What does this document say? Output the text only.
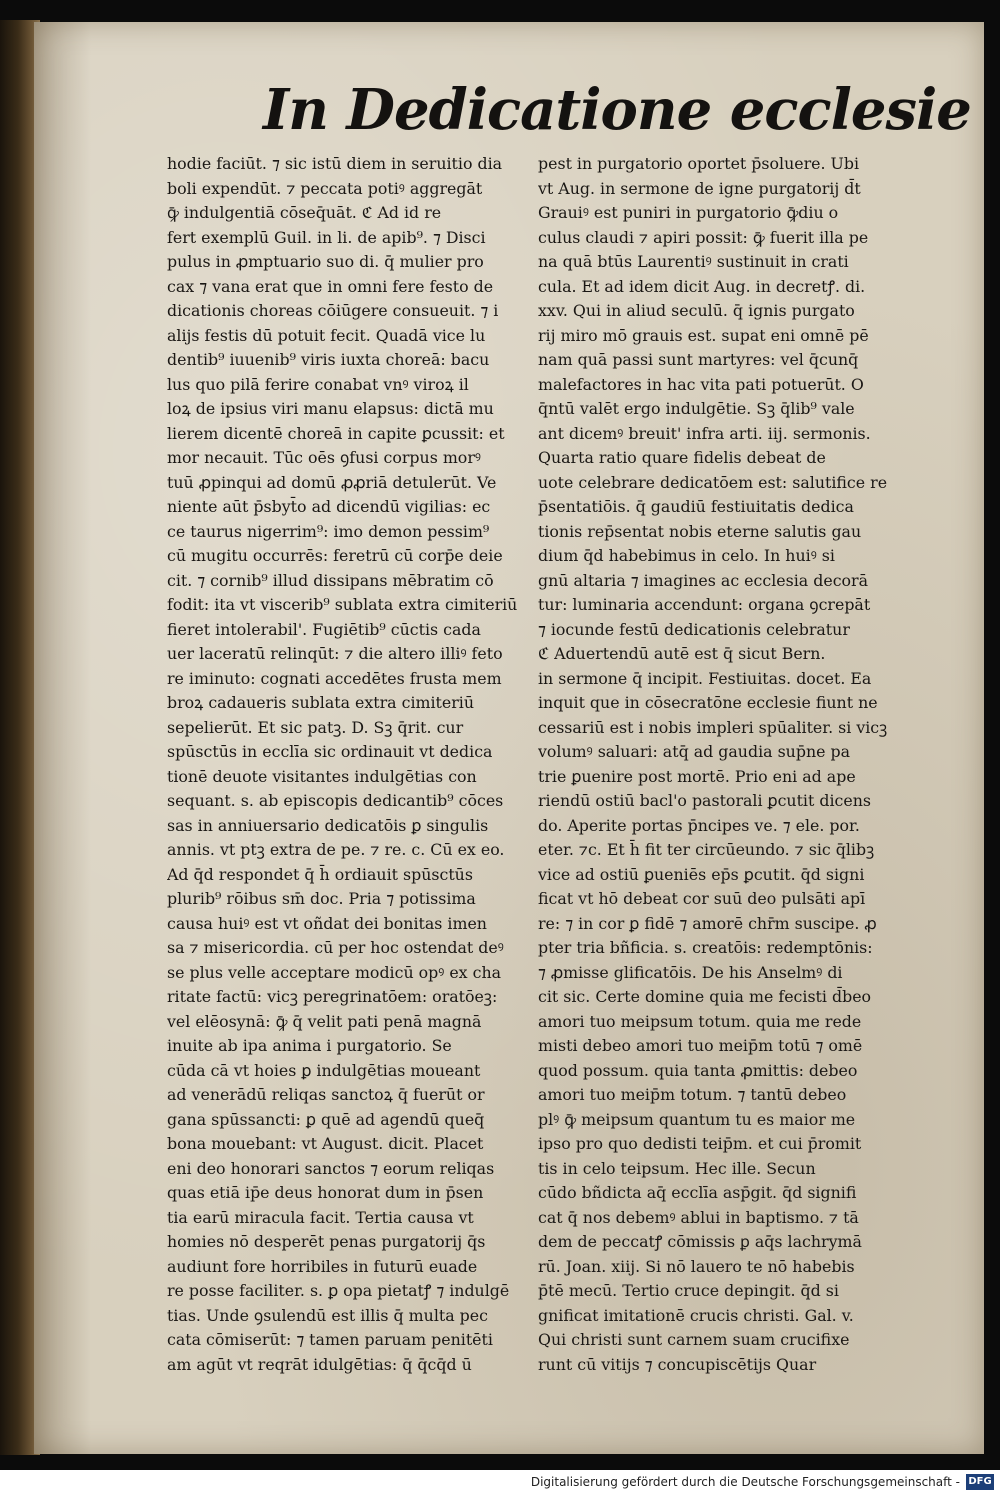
In Dedicatione ecclesie
hodie faciūt. ⁊ sic istū diem in seruitio dia
boli expendūt. ⁊ peccata potiꝰ aggregāt
ꝙ̄ indulgentiā cōseq̄uāt. ℭ Ad id re
fert exemplū Guil. in li. de apib⁹. ⁊ Disci
pulus in ꝓmptuario suo di. q̄ mulier pro
cax ⁊ vana erat que in omni fere festo de
dicationis choreas cōiūgere consueuit. ⁊ i
alijs festis dū potuit fecit. Quadā vice lu
dentib⁹ iuuenib⁹ viris iuxta choreā: bacu
lus quo pilā ferire conabat vnꝰ viroꝝ il
loꝝ de ipsius viri manu elapsus: dictā mu
lierem dicentē choreā in capite ꝑcussit: et
mor necauit. Tūc oēs ꝯfusi corpus morꝰ
tuū ꝓpinqui ad domū ꝓꝓriā detulerūt. Ve
niente aūt p̄sbyt̄o ad dicendū vigilias: ec
ce taurus nigerrim⁹: imo demon pessim⁹
cū mugitu occurrēs: feretrū cū corp̄e deie
cit. ⁊ cornib⁹ illud dissipans mēbratim cō
fodit: ita vt viscerib⁹ sublata extra cimiteriū
fieret intolerabil'. Fugiētib⁹ cūctis cada
uer laceratū relinqūt: ⁊ die altero illiꝰ feto
re iminuto: cognati accedētes frusta mem
broꝝ cadaueris sublata extra cimiteriū
sepelierūt. Et sic patꝫ. D. Sꝫ q̄rit. cur
spūsctūs in ecclīa sic ordinauit vt dedica
tionē deuote visitantes indulgētias con
sequant. s. ab episcopis dedicantib⁹ cōces
sas in anniuersario dedicatōis ꝑ singulis
annis. vt ptꝫ extra de pe. ⁊ re. c. Cū ex eo.
Ad q̄d respondet q̄ h̄ ordiauit spūsctūs
plurib⁹ rōibus sm̄ doc. Pria ⁊ potissima
causa huiꝰ est vt oñdat dei bonitas imen
sa ⁊ misericordia. cū per hoc ostendat deꝰ
se plus velle acceptare modicū opꝰ ex cha
ritate factū: vicꝫ peregrinatōem: oratōeꝫ:
vel elēosynā: ꝙ̄ q̄ velit pati penā magnā
inuite ab ipa anima i purgatorio. Se
cūda cā vt hoies ꝑ indulgētias moueant
ad venerādū reliqas sanctoꝝ q̄ fuerūt or
gana spūssancti: ꝑ quē ad agendū queq̄
bona mouebant: vt August. dicit. Placet
eni deo honorari sanctos ⁊ eorum reliqas
quas etiā ip̄e deus honorat dum in p̄sen
tia earū miracula facit. Tertia causa vt
homies nō desperēt penas purgatorij q̄s
audiunt fore horribiles in futurū euade
re posse faciliter. s. ꝑ opa pietatꝭ ⁊ indulgē
tias. Unde ꝯsulendū est illis q̄ multa pec
cata cōmiserūt: ⁊ tamen paruam penitēti
am agūt vt reqrāt idulgētias: q̄ q̄cq̄d ū
pest in purgatorio oportet p̄soluere. Ubi
vt Aug. in sermone de igne purgatorij d̄t
Grauiꝰ est puniri in purgatorio ꝙ̄diu o
culus claudi ⁊ apiri possit: ꝙ̄ fuerit illa pe
na quā btūs Laurentiꝰ sustinuit in crati
cula. Et ad idem dicit Aug. in decretꝭ. di.
xxv. Qui in aliud seculū. q̄ ignis purgato
rij miro mō grauis est. supat eni omnē pē
nam quā passi sunt martyres: vel q̄cunq̄
malefactores in hac vita pati potuerūt. O
q̄ntū valēt ergo indulgētie. Sꝫ q̄lib⁹ vale
ant dicemꝰ breuit' infra arti. iij. sermonis.
Quarta ratio quare fidelis debeat de
uote celebrare dedicatōem est: salutifice re
p̄sentatiōis. q̄ gaudiū festiuitatis dedica
tionis rep̄sentat nobis eterne salutis gau
dium q̄d habebimus in celo. In huiꝰ si
gnū altaria ⁊ imagines ac ecclesia decorā
tur: luminaria accendunt: organa ꝯcrepāt
⁊ iocunde festū dedicationis celebratur
ℭ Aduertendū autē est q̄ sicut Bern.
in sermone q̄ incipit. Festiuitas. docet. Ea
inquit que in cōsecratōne ecclesie fiunt ne
cessariū est i nobis impleri spūaliter. si vicꝫ
volumꝰ saluari: atq̄ ad gaudia sup̄ne pa
trie ꝑuenire post mortē. Prio eni ad ape
riendū ostiū bacl'o pastorali ꝑcutit dicens
do. Aperite portas p̄ncipes ve. ⁊ ele. por.
eter. ⁊c. Et h̄ fit ter circūeundo. ⁊ sic q̄libꝫ
vice ad ostiū ꝑueniēs ep̄s ꝑcutit. q̄d signi
ficat vt hō debeat cor suū deo pulsāti apī
re: ⁊ in cor ꝑ fidē ⁊ amorē chr̄m suscipe. ꝓ
pter tria bñficia. s. creatōis: redemptōnis:
⁊ ꝓmisse glificatōis. De his Anselmꝰ di
cit sic. Certe domine quia me fecisti d̄beo
amori tuo meipsum totum. quia me rede
misti debeo amori tuo meip̄m totū ⁊ omē
quod possum. quia tanta ꝓmittis: debeo
amori tuo meip̄m totum. ⁊ tantū debeo
plꝰ ꝙ̄ meipsum quantum tu es maior me
ipso pro quo dedisti teip̄m. et cui p̄romit
tis in celo teipsum. Hec ille. Secun
cūdo bñdicta aq̄ ecclīa asp̄git. q̄d signifi
cat q̄ nos debemꝰ ablui in baptismo. ⁊ tā
dem de peccatꝭ cōmissis ꝑ aq̄s lachrymā
rū. Joan. xiij. Si nō lauero te nō habebis
p̄tē mecū. Tertio cruce depingit. q̄d si
gnificat imitationē crucis christi. Gal. v.
Qui christi sunt carnem suam crucifixe
runt cū vitijs ⁊ concupiscētijs Quar
Digitalisierung gefördert durch die Deutsche Forschungsgemeinschaft - DFG
